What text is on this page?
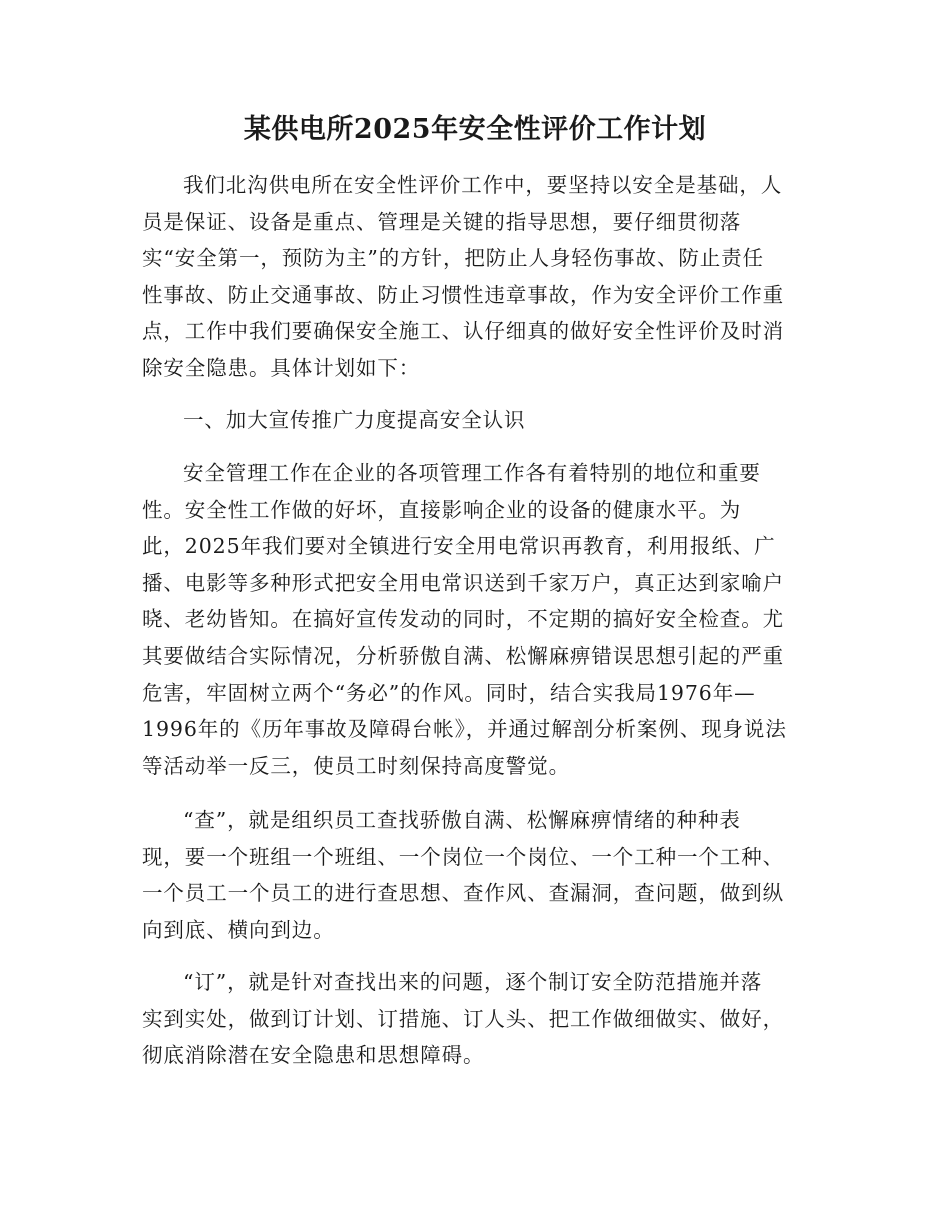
某供电所2025年安全性评价工作计划

我们北沟供电所在安全性评价工作中，要坚持以安全是基础，人
员是保证、设备是重点、管理是关键的指导思想，要仔细贯彻落
实“安全第一，预防为主”的方针，把防止人身轻伤事故、防止责任
性事故、防止交通事故、防止习惯性违章事故，作为安全评价工作重
点，工作中我们要确保安全施工、认仔细真的做好安全性评价及时消
除安全隐患。具体计划如下：

一、加大宣传推广力度提高安全认识

安全管理工作在企业的各项管理工作各有着特别的地位和重要
性。安全性工作做的好坏，直接影响企业的设备的健康水平。为
此，2025年我们要对全镇进行安全用电常识再教育，利用报纸、广
播、电影等多种形式把安全用电常识送到千家万户，真正达到家喻户
晓、老幼皆知。在搞好宣传发动的同时，不定期的搞好安全检查。尤
其要做结合实际情况，分析骄傲自满、松懈麻痹错误思想引起的严重
危害，牢固树立两个“务必”的作风。同时，结合实我局1976年—
1996年的《历年事故及障碍台帐》，并通过解剖分析案例、现身说法
等活动举一反三，使员工时刻保持高度警觉。

“查”，就是组织员工查找骄傲自满、松懈麻痹情绪的种种表
现，要一个班组一个班组、一个岗位一个岗位、一个工种一个工种、
一个员工一个员工的进行查思想、查作风、查漏洞，查问题，做到纵
向到底、横向到边。

“订”，就是针对查找出来的问题，逐个制订安全防范措施并落
实到实处，做到订计划、订措施、订人头、把工作做细做实、做好，
彻底消除潜在安全隐患和思想障碍。
